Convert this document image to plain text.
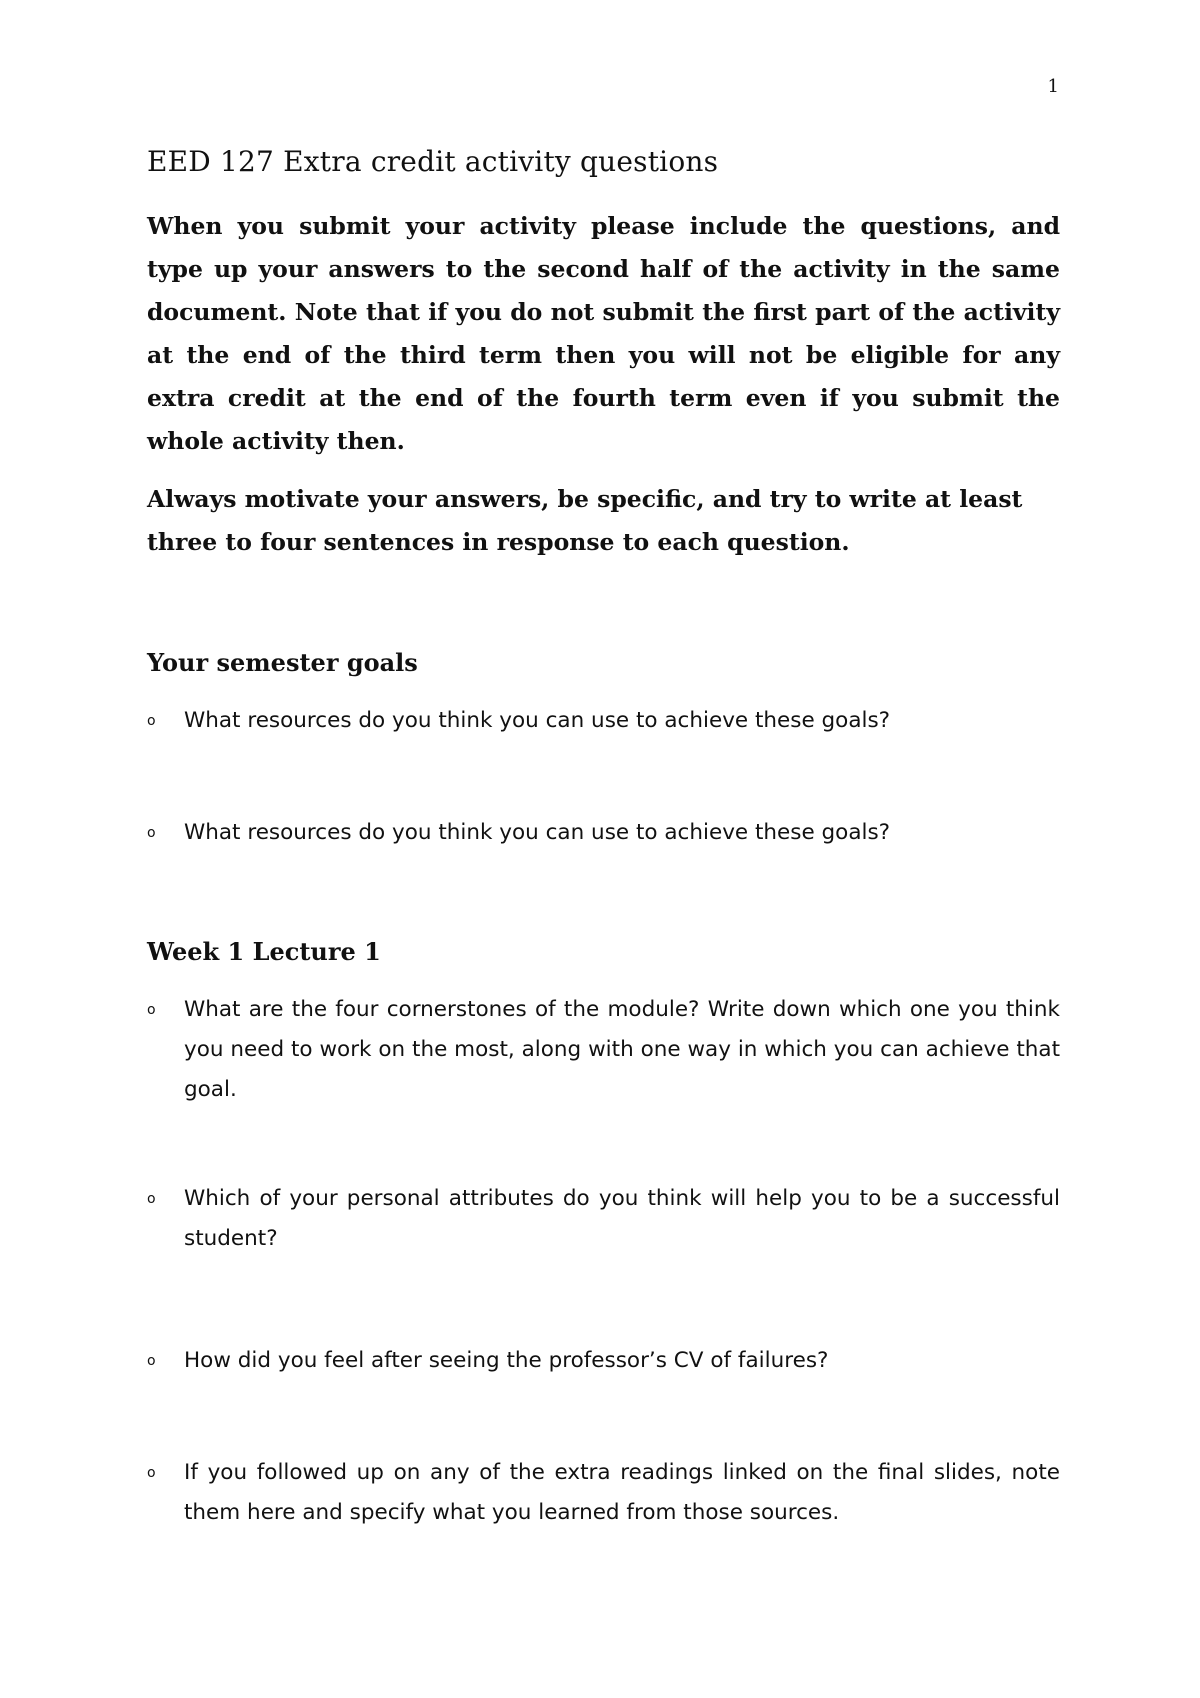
1
EED 127 Extra credit activity questions

When you submit your activity please include the questions, and type up your answers to the second half of the activity in the same document. Note that if you do not submit the first part of the activity at the end of the third term then you will not be eligible for any extra credit at the end of the fourth term even if you submit the whole activity then.

Always motivate your answers, be specific, and try to write at least three to four sentences in response to each question.

Your semester goals
o What resources do you think you can use to achieve these goals?
o What resources do you think you can use to achieve these goals?
Week 1 Lecture 1
o What are the four cornerstones of the module? Write down which one you think you need to work on the most, along with one way in which you can achieve that goal.
o Which of your personal attributes do you think will help you to be a successful student?
o How did you feel after seeing the professor’s CV of failures?
o If you followed up on any of the extra readings linked on the final slides, note them here and specify what you learned from those sources.
